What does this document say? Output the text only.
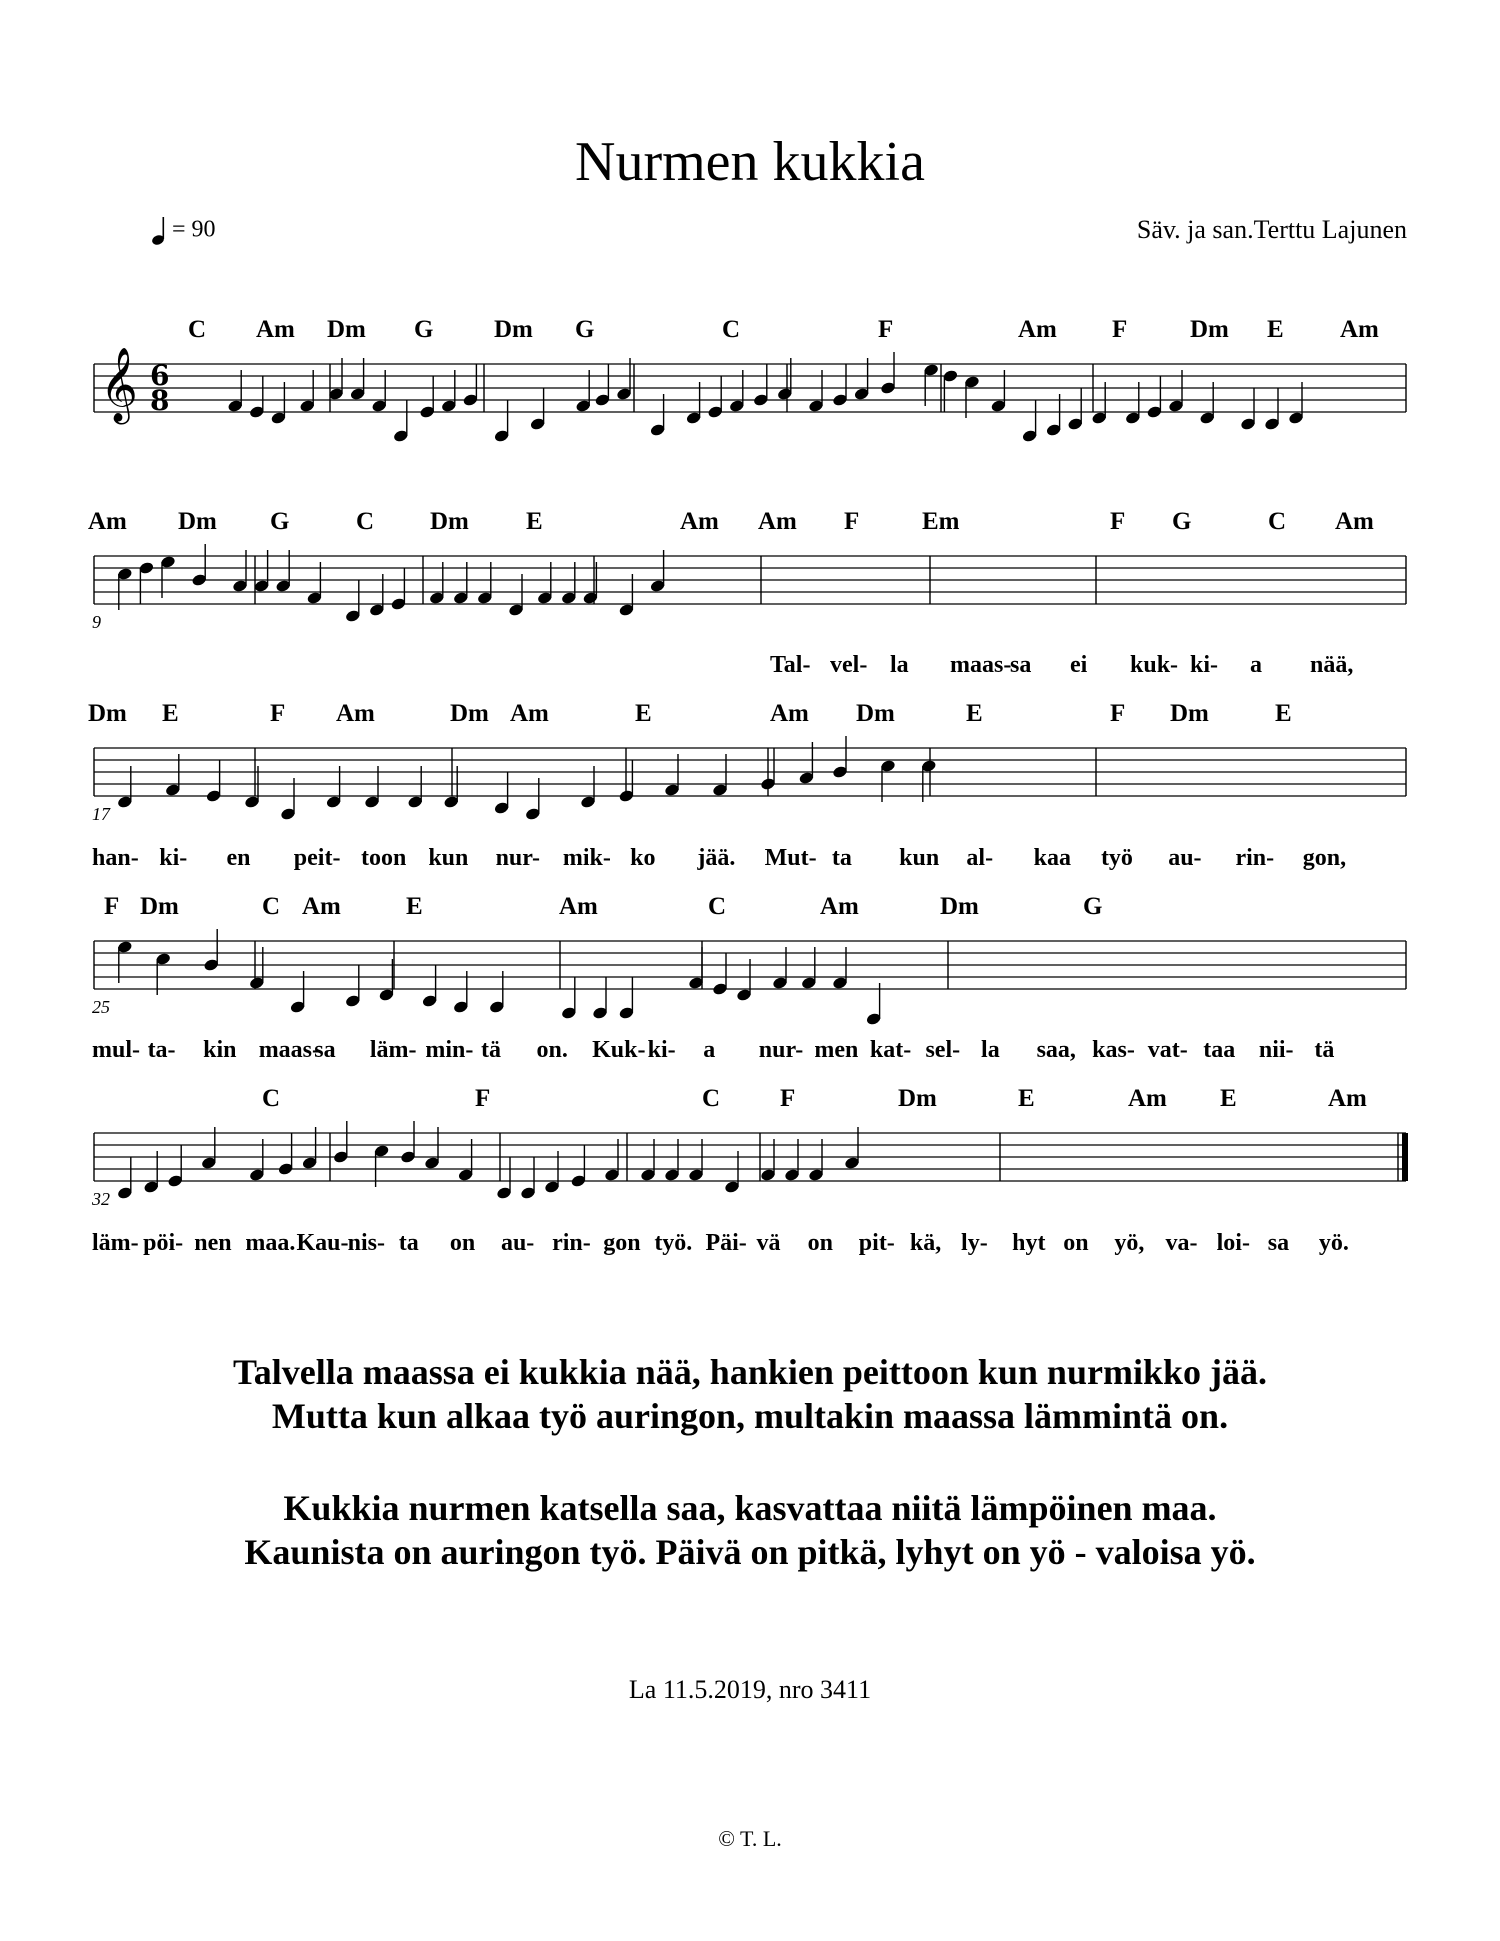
Nurmen kukkia
= 90	Säv. ja san.Terttu Lajunen
𝄞 6
8
C Am Dm G Dm G	C	F	Am F	Dm E Am
Am Dm G	C Dm E	Am Am F	Em	F G	C Am
Dm E	F Am	Dm Am	E	Am Dm	E	F Dm	E
F Dm	C Am	E	Am	C	Am	Dm	G
C	F	C F	Dm	E	Am E	Am
Tal- vel- la maas-
sa ei kuk- ki- a nää,
han- ki- en peit- toon kun nur- mik- ko jää. Mut- ta kun al- kaa työ au- rin- gon,
mul- ta- kin maas-
sa läm- min- tä on. Kuk- ki- a nur- men kat- sel- la saa, kas- vat- taa nii- tä
läm- pöi- nen maa. Kau- nis- ta on au- rin- gon työ. Päi- vä on pit- kä, ly- hyt on yö, va- loi- sa yö.
9
17
25
32
Talvella maassa ei kukkia nää, hankien peittoon kun nurmikko jää.
Mutta kun alkaa työ auringon, multakin maassa lämmintä on.
Kukkia nurmen katsella saa, kasvattaa niitä lämpöinen maa.
Kaunista on auringon työ. Päivä on pitkä, lyhyt on yö - valoisa yö.
La 11.5.2019, nro 3411
© T. L.
